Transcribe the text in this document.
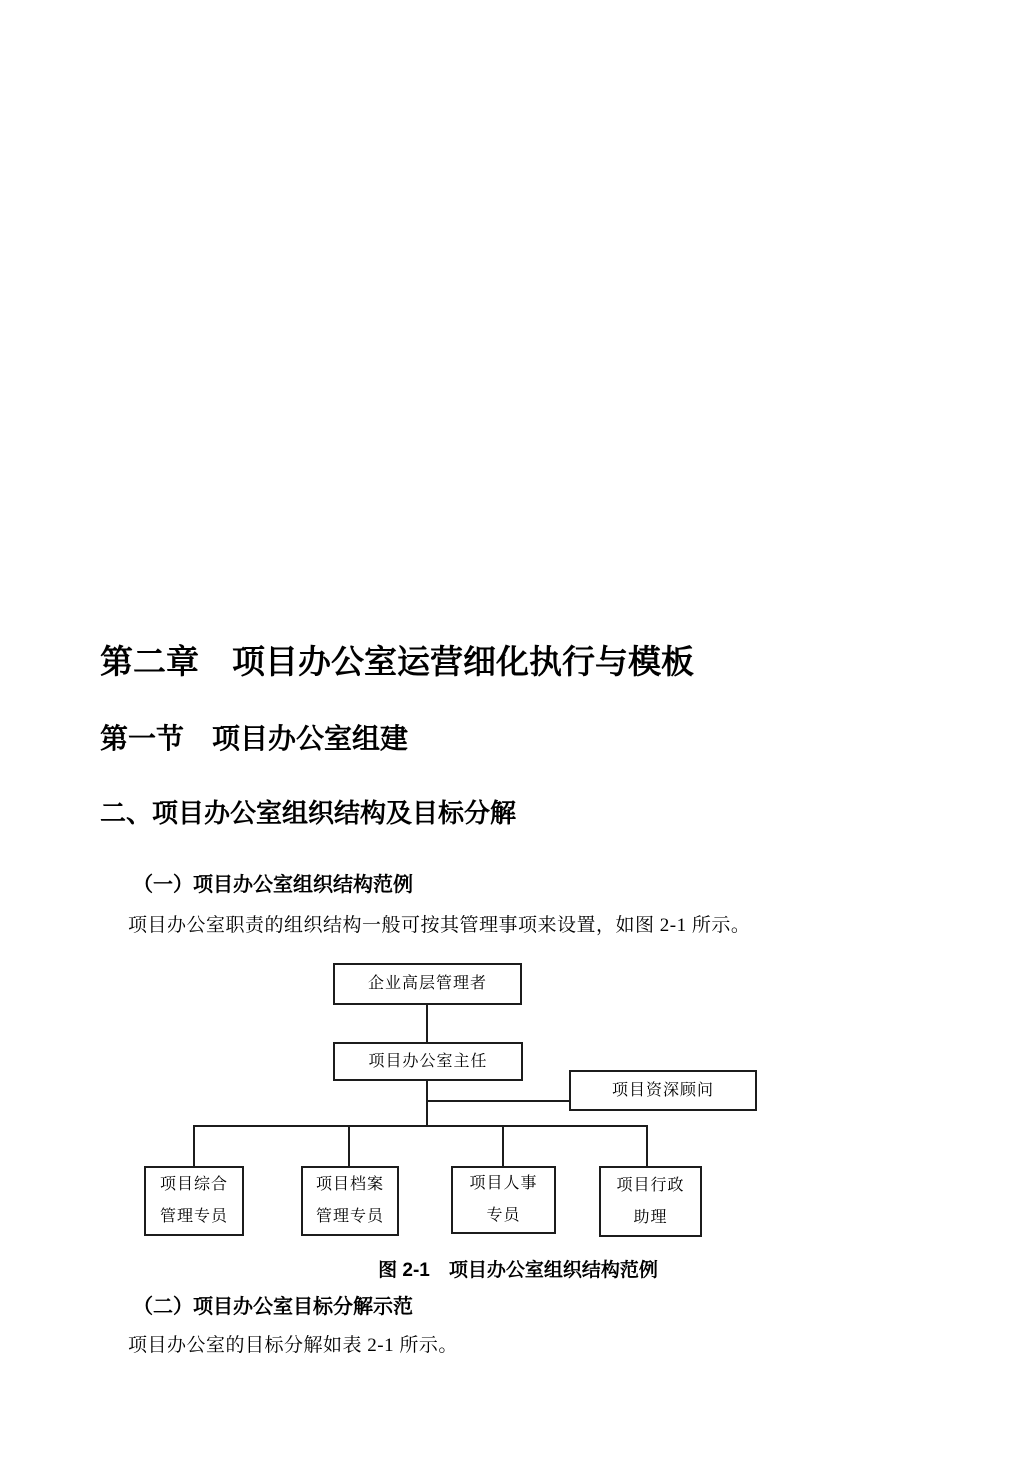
第二章　项目办公室运营细化执行与模板
第一节　项目办公室组建
二、项目办公室组织结构及目标分解
（一）项目办公室组织结构范例

项目办公室职责的组织结构一般可按其管理事项来设置，如图 2-1 所示。

企业高层管理者
项目办公室主任
项目资深顾问
项目综合
管理专员
项目档案
管理专员
项目人事
专员
项目行政
助理
图 2-1　项目办公室组织结构范例
（二）项目办公室目标分解示范

项目办公室的目标分解如表 2-1 所示。
